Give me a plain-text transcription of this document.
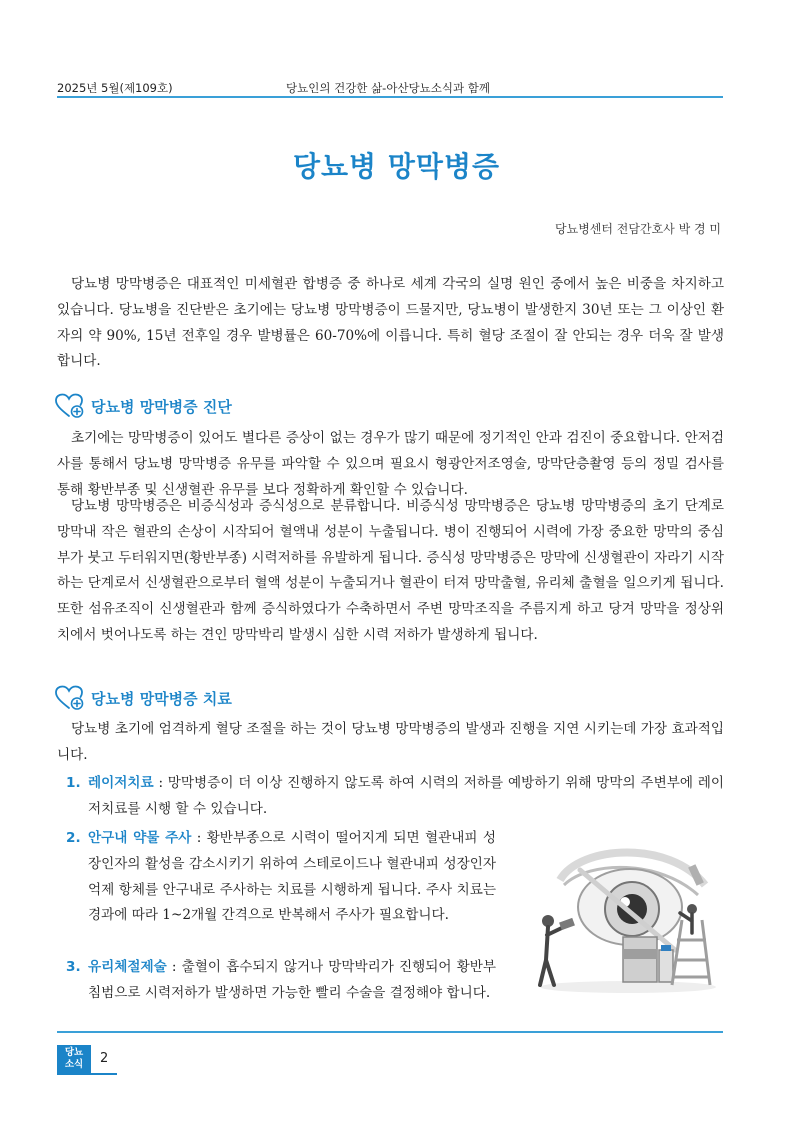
2025년 5월(제109호)	당뇨인의 건강한 삶-아산당뇨소식과 함께
당뇨병 망막병증
당뇨병센터 전담간호사 박 경 미

당뇨병 망막병증은 대표적인 미세혈관 합병증 중 하나로 세계 각국의 실명 원인 중에서 높은 비중을 차지하고 있습니다. 당뇨병을 진단받은 초기에는 당뇨병 망막병증이 드물지만, 당뇨병이 발생한지 30년 또는 그 이상인 환자의 약 90%, 15년 전후일 경우 발병률은 60-70%에 이릅니다. 특히 혈당 조절이 잘 안되는 경우 더욱 잘 발생합니다.

당뇨병 망막병증 진단

초기에는 망막병증이 있어도 별다른 증상이 없는 경우가 많기 때문에 정기적인 안과 검진이 중요합니다. 안저검사를 통해서 당뇨병 망막병증 유무를 파악할 수 있으며 필요시 형광안저조영술, 망막단층촬영 등의 정밀 검사를 통해 황반부종 및 신생혈관 유무를 보다 정확하게 확인할 수 있습니다.

당뇨병 망막병증은 비증식성과 증식성으로 분류합니다. 비증식성 망막병증은 당뇨병 망막병증의 초기 단계로 망막내 작은 혈관의 손상이 시작되어 혈액내 성분이 누출됩니다. 병이 진행되어 시력에 가장 중요한 망막의 중심부가 붓고 두터워지면(황반부종) 시력저하를 유발하게 됩니다. 증식성 망막병증은 망막에 신생혈관이 자라기 시작하는 단계로서 신생혈관으로부터 혈액 성분이 누출되거나 혈관이 터져 망막출혈, 유리체 출혈을 일으키게 됩니다. 또한 섬유조직이 신생혈관과 함께 증식하였다가 수축하면서 주변 망막조직을 주름지게 하고 당겨 망막을 정상위치에서 벗어나도록 하는 견인 망막박리 발생시 심한 시력 저하가 발생하게 됩니다.

당뇨병 망막병증 치료

당뇨병 초기에 엄격하게 혈당 조절을 하는 것이 당뇨병 망막병증의 발생과 진행을 지연 시키는데 가장 효과적입니다.

1. 레이저치료 : 망막병증이 더 이상 진행하지 않도록 하여 시력의 저하를 예방하기 위해 망막의 주변부에 레이저치료를 시행 할 수 있습니다.

2. 안구내 약물 주사 : 황반부종으로 시력이 떨어지게 되면 혈관내피 성장인자의 활성을 감소시키기 위하여 스테로이드나 혈관내피 성장인자 억제 항체를 안구내로 주사하는 치료를 시행하게 됩니다. 주사 치료는 경과에 따라 1~2개월 간격으로 반복해서 주사가 필요합니다.

3. 유리체절제술 : 출혈이 흡수되지 않거나 망막박리가 진행되어 황반부 침범으로 시력저하가 발생하면 가능한 빨리 수술을 결정해야 합니다.

당뇨
소식	2
